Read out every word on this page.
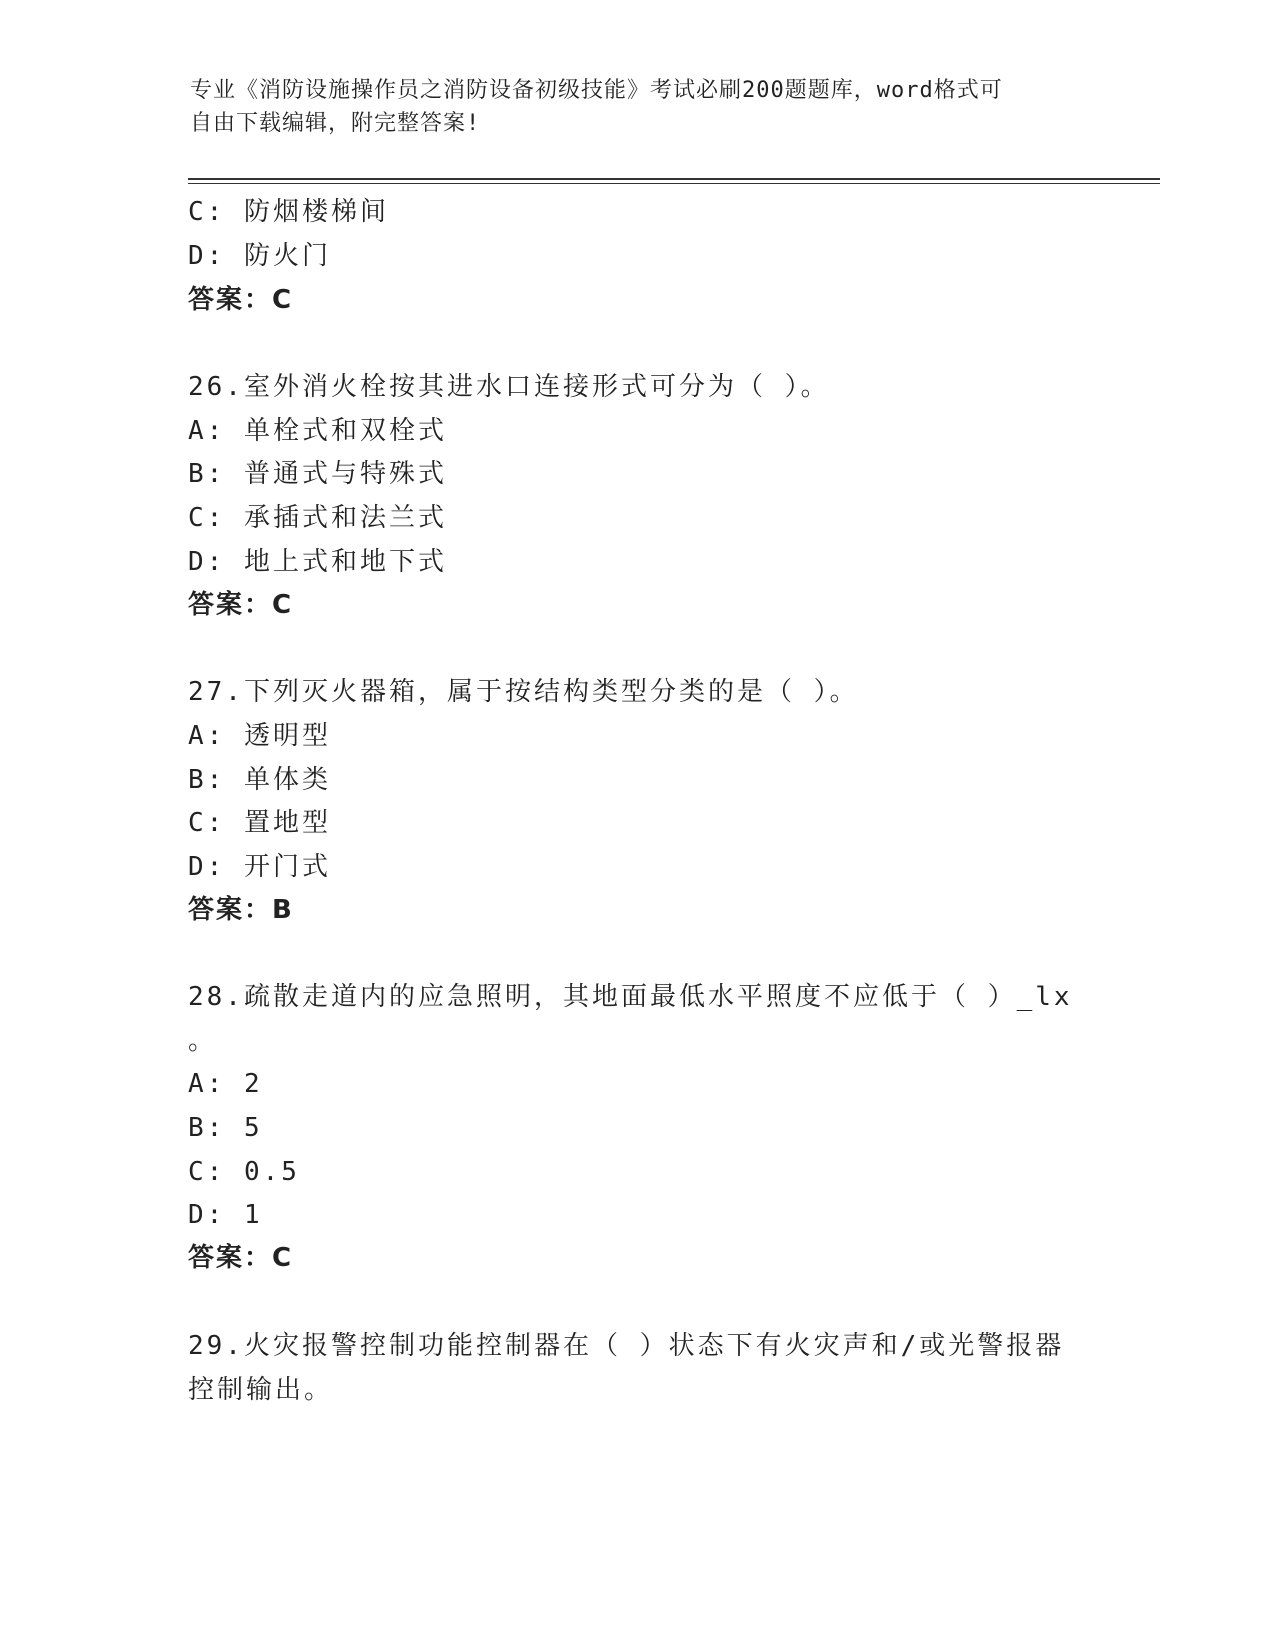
专业《消防设施操作员之消防设备初级技能》考试必刷200题题库，word格式可
自由下载编辑，附完整答案!
C: 防烟楼梯间
D: 防火门
答案：C
26.室外消火栓按其进水口连接形式可分为（ ）。
A: 单栓式和双栓式
B: 普通式与特殊式
C: 承插式和法兰式
D: 地上式和地下式
答案：C
27.下列灭火器箱，属于按结构类型分类的是（ ）。
A: 透明型
B: 单体类
C: 置地型
D: 开门式
答案：B
28.疏散走道内的应急照明，其地面最低水平照度不应低于（ ）_lx
。
A: 2
B: 5
C: 0.5
D: 1
答案：C
29.火灾报警控制功能控制器在（ ）状态下有火灾声和/或光警报器
控制输出。
